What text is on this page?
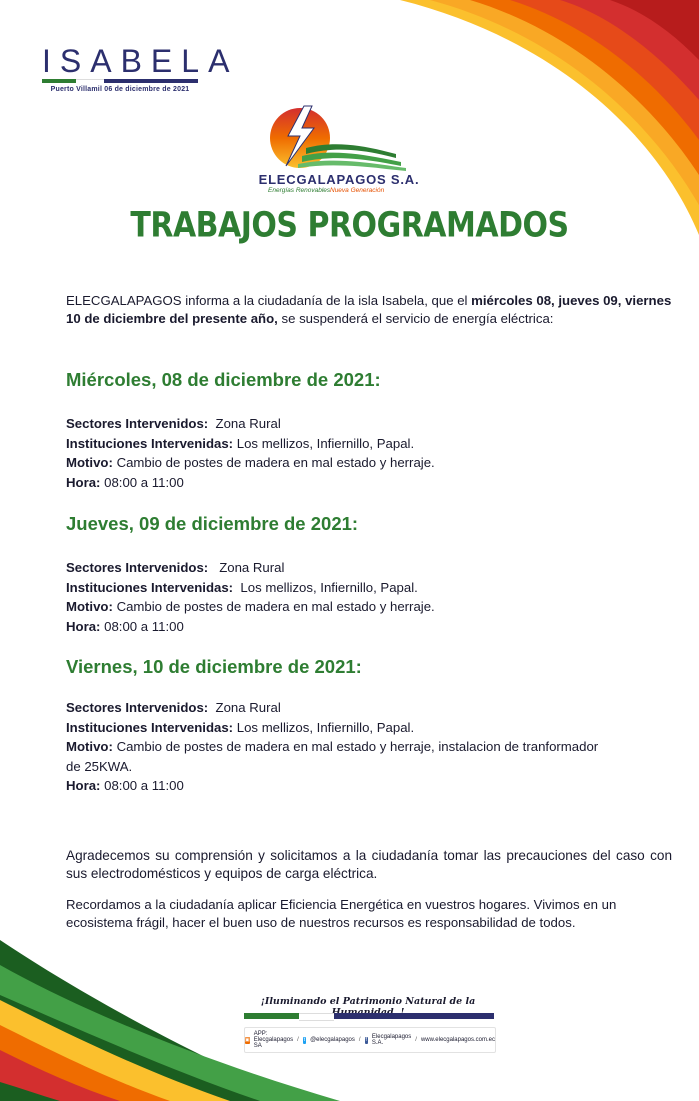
ISABELA
Puerto Villamil 06 de diciembre de 2021
ELECGALAPAGOS S.A.
Energías Renovables Nueva Generación
TRABAJOS PROGRAMADOS
ELECGALAPAGOS informa a la ciudadanía de la isla Isabela, que el miércoles 08, jueves 09, viernes 10 de diciembre del presente año, se suspenderá el servicio de energía eléctrica:
Miércoles, 08 de diciembre de 2021:
Sectores Intervenidos: Zona Rural
Instituciones Intervenidas: Los mellizos, Infiernillo, Papal.
Motivo: Cambio de postes de madera en mal estado y herraje.
Hora: 08:00 a 11:00
Jueves, 09 de diciembre de 2021:
Sectores Intervenidos: Zona Rural
Instituciones Intervenidas: Los mellizos, Infiernillo, Papal.
Motivo: Cambio de postes de madera en mal estado y herraje.
Hora: 08:00 a 11:00
Viernes, 10 de diciembre de 2021:
Sectores Intervenidos: Zona Rural
Instituciones Intervenidas: Los mellizos, Infiernillo, Papal.
Motivo: Cambio de postes de madera en mal estado y herraje, instalacion de tranformador
de 25KWA.
Hora: 08:00 a 11:00
Agradecemos su comprensión y solicitamos a la ciudadanía tomar las precauciones del caso con sus electrodomésticos y equipos de carga eléctrica.
Recordamos a la ciudadanía aplicar Eficiencia Energética en vuestros hogares. Vivimos en un ecosistema frágil, hacer el buen uso de nuestros recursos es responsabilidad de todos.
¡Iluminando el Patrimonio Natural de la
▣
APP: Elecgalapagos SA
/ t @elecgalapagos / f Elecgalapagos S.A.	/ www.elecgalapagos.com.ec
